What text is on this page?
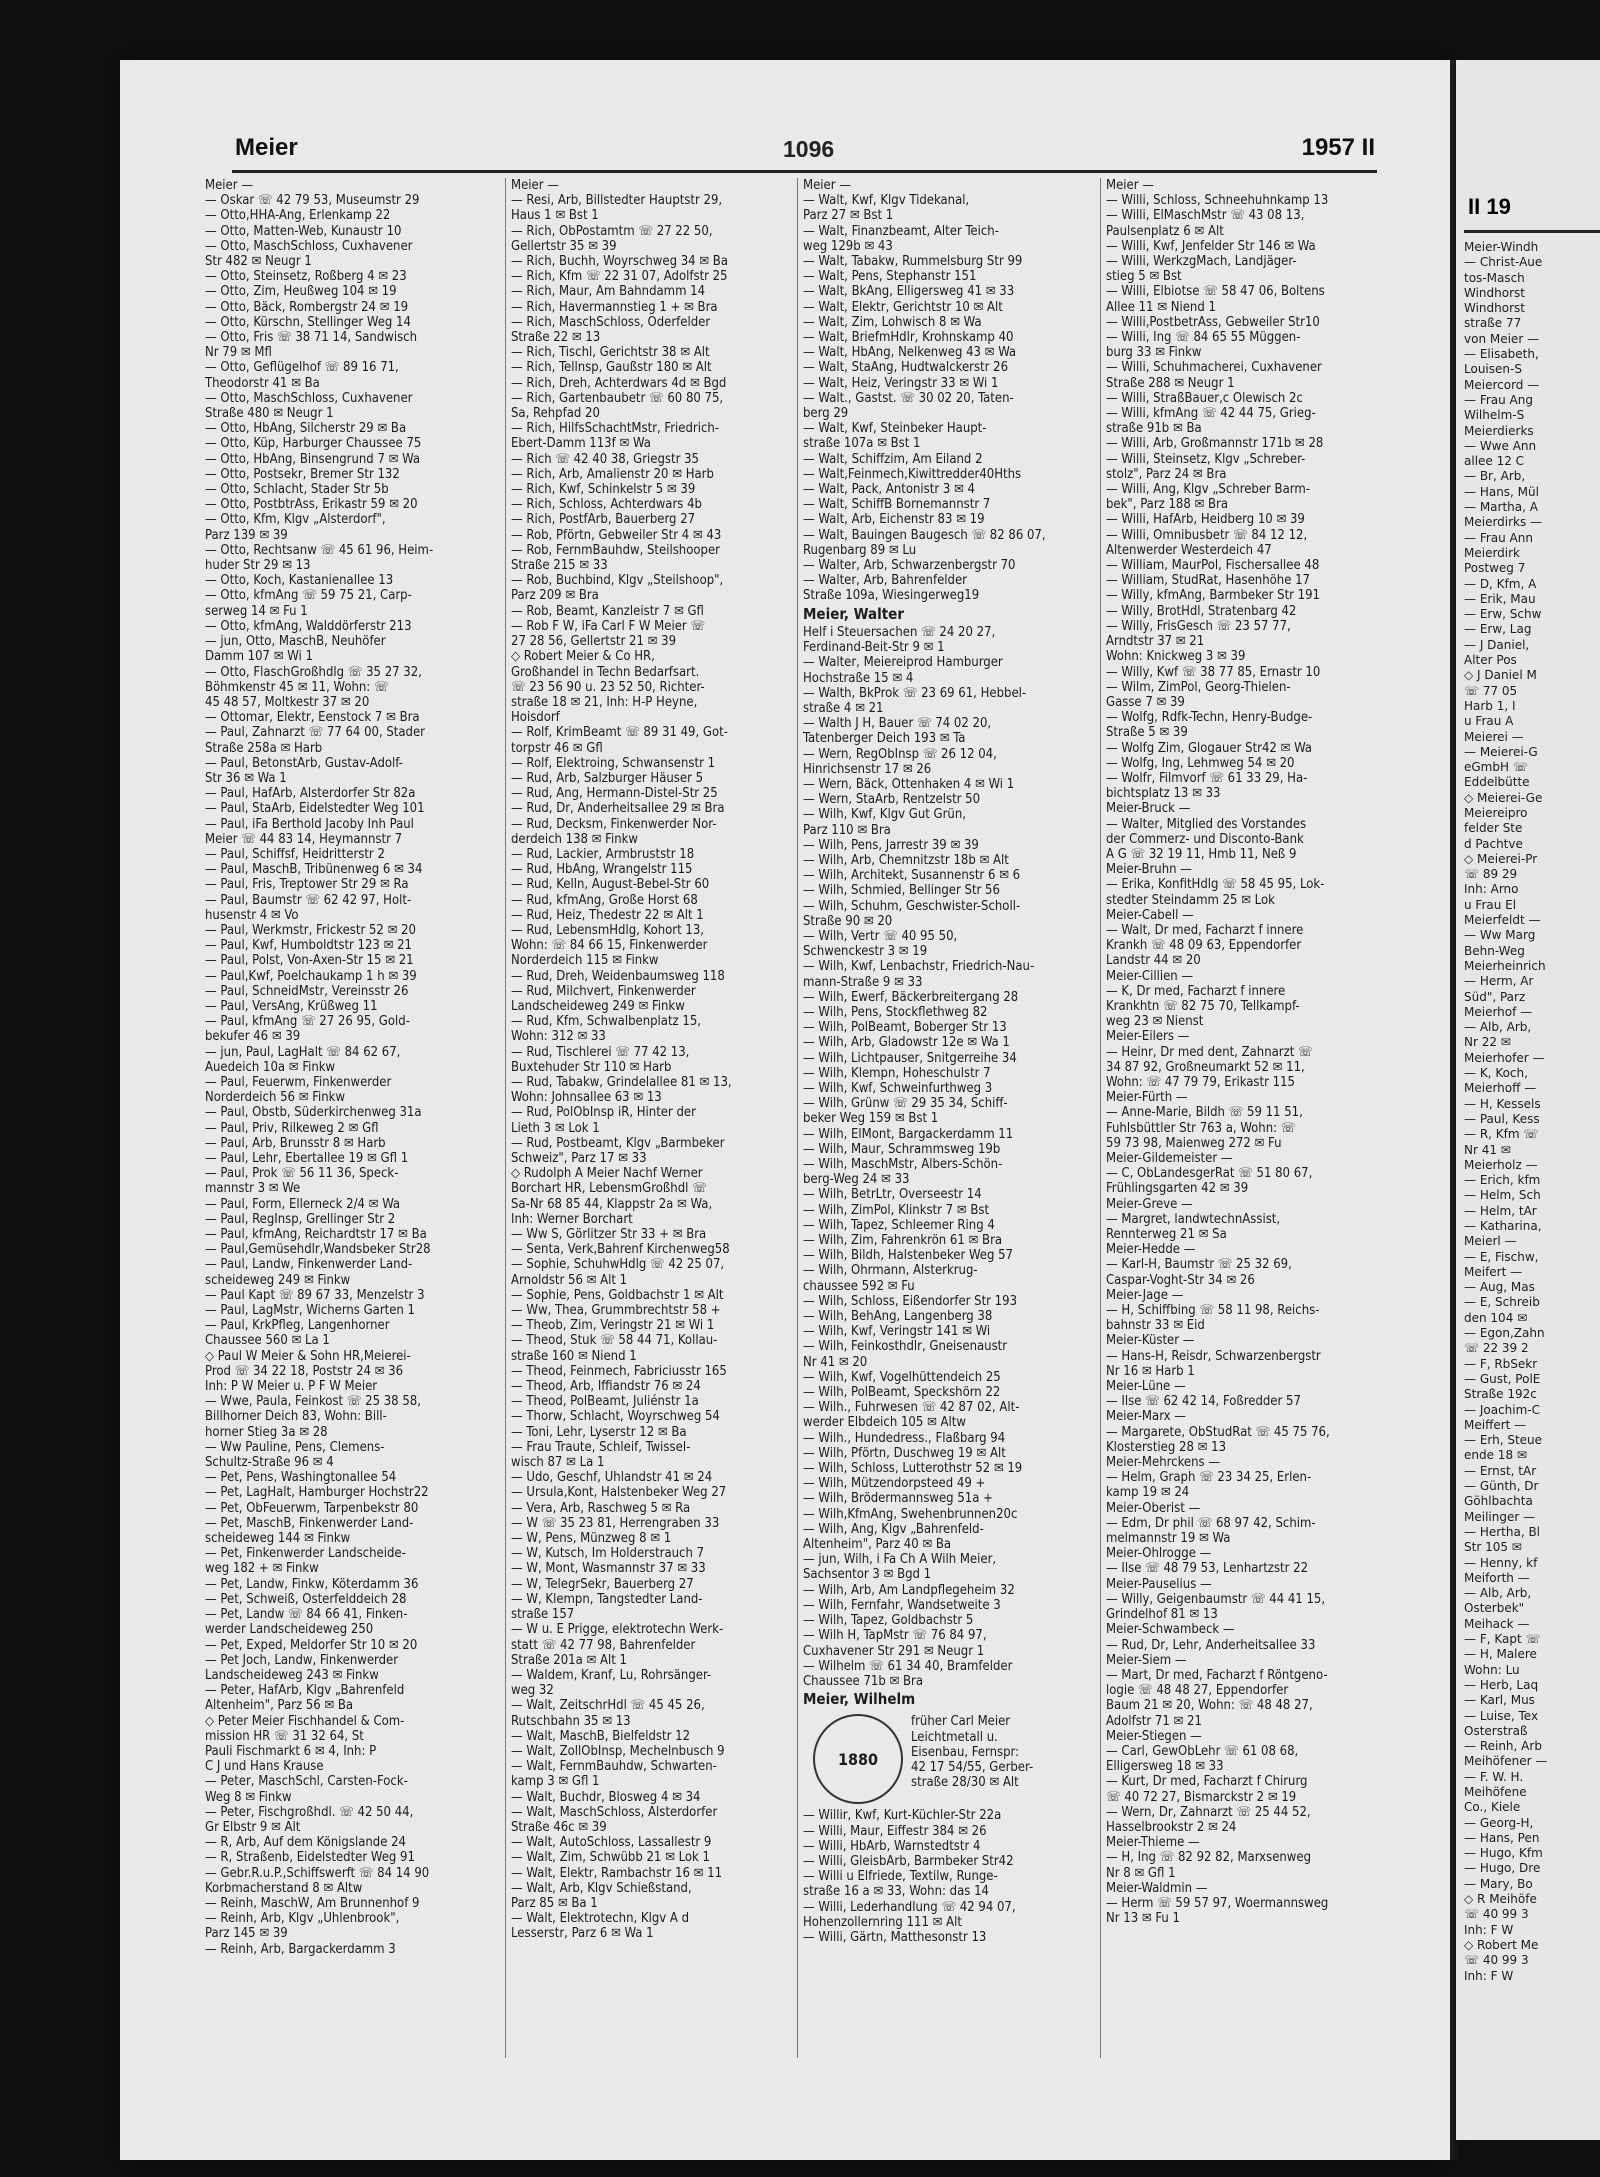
Meier	1096	1957 II
Meier —
— Oskar ☏ 42 79 53, Museumstr 29
— Otto,HHA-Ang, Erlenkamp 22
— Otto, Matten-Web, Kunaustr 10
— Otto, MaschSchloss, Cuxhavener
Str 482 ✉ Neugr 1
— Otto, Steinsetz, Roßberg 4 ✉ 23
— Otto, Zim, Heußweg 104 ✉ 19
— Otto, Bäck, Rombergstr 24 ✉ 19
— Otto, Kürschn, Stellinger Weg 14
— Otto, Fris ☏ 38 71 14, Sandwisch
Nr 79 ✉ Mfl
— Otto, Geflügelhof ☏ 89 16 71,
Theodorstr 41 ✉ Ba
— Otto, MaschSchloss, Cuxhavener
Straße 480 ✉ Neugr 1
— Otto, HbAng, Silcherstr 29 ✉ Ba
— Otto, Küp, Harburger Chaussee 75
— Otto, HbAng, Binsengrund 7 ✉ Wa
— Otto, Postsekr, Bremer Str 132
— Otto, Schlacht, Stader Str 5b
— Otto, PostbtrAss, Erikastr 59 ✉ 20
— Otto, Kfm, Klgv „Alsterdorf",
Parz 139 ✉ 39
— Otto, Rechtsanw ☏ 45 61 96, Heim-
huder Str 29 ✉ 13
— Otto, Koch, Kastanienallee 13
— Otto, kfmAng ☏ 59 75 21, Carp-
serweg 14 ✉ Fu 1
— Otto, kfmAng, Walddörferstr 213
— jun, Otto, MaschB, Neuhöfer
Damm 107 ✉ Wi 1
— Otto, FlaschGroßhdlg ☏ 35 27 32,
Böhmkenstr 45 ✉ 11, Wohn: ☏
45 48 57, Moltkestr 37 ✉ 20
— Ottomar, Elektr, Eenstock 7 ✉ Bra
— Paul, Zahnarzt ☏ 77 64 00, Stader
Straße 258a ✉ Harb
— Paul, BetonstArb, Gustav-Adolf-
Str 36 ✉ Wa 1
— Paul, HafArb, Alsterdorfer Str 82a
— Paul, StaArb, Eidelstedter Weg 101
— Paul, iFa Berthold Jacoby Inh Paul
Meier ☏ 44 83 14, Heymannstr 7
— Paul, Schiffsf, Heidritterstr 2
— Paul, MaschB, Tribünenweg 6 ✉ 34
— Paul, Fris, Treptower Str 29 ✉ Ra
— Paul, Baumstr ☏ 62 42 97, Holt-
husenstr 4 ✉ Vo
— Paul, Werkmstr, Frickestr 52 ✉ 20
— Paul, Kwf, Humboldtstr 123 ✉ 21
— Paul, Polst, Von-Axen-Str 15 ✉ 21
— Paul,Kwf, Poelchaukamp 1 h ✉ 39
— Paul, SchneidMstr, Vereinsstr 26
— Paul, VersAng, Krüßweg 11
— Paul, kfmAng ☏ 27 26 95, Gold-
bekufer 46 ✉ 39
— jun, Paul, LagHalt ☏ 84 62 67,
Auedeich 10a ✉ Finkw
— Paul, Feuerwm, Finkenwerder
Norderdeich 56 ✉ Finkw
— Paul, Obstb, Süderkirchenweg 31a
— Paul, Priv, Rilkeweg 2 ✉ Gfl
— Paul, Arb, Brunsstr 8 ✉ Harb
— Paul, Lehr, Ebertallee 19 ✉ Gfl 1
— Paul, Prok ☏ 56 11 36, Speck-
mannstr 3 ✉ We
— Paul, Form, Ellerneck 2/4 ✉ Wa
— Paul, RegInsp, Grellinger Str 2
— Paul, kfmAng, Reichardtstr 17 ✉ Ba
— Paul,Gemüsehdlr,Wandsbeker Str28
— Paul, Landw, Finkenwerder Land-
scheideweg 249 ✉ Finkw
— Paul Kapt ☏ 89 67 33, Menzelstr 3
— Paul, LagMstr, Wicherns Garten 1
— Paul, KrkPfleg, Langenhorner
Chaussee 560 ✉ La 1
◇ Paul W Meier & Sohn HR,Meierei-
Prod ☏ 34 22 18, Poststr 24 ✉ 36
Inh: P W Meier u. P F W Meier
— Wwe, Paula, Feinkost ☏ 25 38 58,
Billhorner Deich 83, Wohn: Bill-
horner Stieg 3a ✉ 28
— Ww Pauline, Pens, Clemens-
Schultz-Straße 96 ✉ 4
— Pet, Pens, Washingtonallee 54
— Pet, LagHalt, Hamburger Hochstr22
— Pet, ObFeuerwm, Tarpenbekstr 80
— Pet, MaschB, Finkenwerder Land-
scheideweg 144 ✉ Finkw
— Pet, Finkenwerder Landscheide-
weg 182 + ✉ Finkw
— Pet, Landw, Finkw, Köterdamm 36
— Pet, Schweiß, Osterfelddeich 28
— Pet, Landw ☏ 84 66 41, Finken-
werder Landscheideweg 250
— Pet, Exped, Meldorfer Str 10 ✉ 20
— Pet Joch, Landw, Finkenwerder
Landscheideweg 243 ✉ Finkw
— Peter, HafArb, Klgv „Bahrenfeld
Altenheim", Parz 56 ✉ Ba
◇ Peter Meier Fischhandel & Com-
mission HR ☏ 31 32 64, St
Pauli Fischmarkt 6 ✉ 4, Inh: P
C J und Hans Krause
— Peter, MaschSchl, Carsten-Fock-
Weg 8 ✉ Finkw
— Peter, Fischgroßhdl. ☏ 42 50 44,
Gr Elbstr 9 ✉ Alt
— R, Arb, Auf dem Königslande 24
— R, Straßenb, Eidelstedter Weg 91
— Gebr.R.u.P.,Schiffswerft ☏ 84 14 90
Korbmacherstand 8 ✉ Altw
— Reinh, MaschW, Am Brunnenhof 9
— Reinh, Arb, Klgv „Uhlenbrook",
Parz 145 ✉ 39
— Reinh, Arb, Bargackerdamm 3
Meier —
— Resi, Arb, Billstedter Hauptstr 29,
Haus 1 ✉ Bst 1
— Rich, ObPostamtm ☏ 27 22 50,
Gellertstr 35 ✉ 39
— Rich, Buchh, Woyrschweg 34 ✉ Ba
— Rich, Kfm ☏ 22 31 07, Adolfstr 25
— Rich, Maur, Am Bahndamm 14
— Rich, Havermannstieg 1 + ✉ Bra
— Rich, MaschSchloss, Oderfelder
Straße 22 ✉ 13
— Rich, Tischl, Gerichtstr 38 ✉ Alt
— Rich, Tellnsp, Gaußstr 180 ✉ Alt
— Rich, Dreh, Achterdwars 4d ✉ Bgd
— Rich, Gartenbaubetr ☏ 60 80 75,
Sa, Rehpfad 20
— Rich, HilfsSchachtMstr, Friedrich-
Ebert-Damm 113f ✉ Wa
— Rich ☏ 42 40 38, Griegstr 35
— Rich, Arb, Amalienstr 20 ✉ Harb
— Rich, Kwf, Schinkelstr 5 ✉ 39
— Rich, Schloss, Achterdwars 4b
— Rich, PostfArb, Bauerberg 27
— Rob, Pförtn, Gebweiler Str 4 ✉ 43
— Rob, FernmBauhdw, Steilshooper
Straße 215 ✉ 33
— Rob, Buchbind, Klgv „Steilshoop",
Parz 209 ✉ Bra
— Rob, Beamt, Kanzleistr 7 ✉ Gfl
— Rob F W, iFa Carl F W Meier ☏
27 28 56, Gellertstr 21 ✉ 39
◇ Robert Meier & Co HR,
Großhandel in Techn Bedarfsart.
☏ 23 56 90 u. 23 52 50, Richter-
straße 18 ✉ 21, Inh: H-P Heyne,
Hoisdorf
— Rolf, KrimBeamt ☏ 89 31 49, Got-
torpstr 46 ✉ Gfl
— Rolf, Elektroing, Schwansenstr 1
— Rud, Arb, Salzburger Häuser 5
— Rud, Ang, Hermann-Distel-Str 25
— Rud, Dr, Anderheitsallee 29 ✉ Bra
— Rud, Decksm, Finkenwerder Nor-
derdeich 138 ✉ Finkw
— Rud, Lackier, Armbruststr 18
— Rud, HbAng, Wrangelstr 115
— Rud, Kelln, August-Bebel-Str 60
— Rud, kfmAng, Große Horst 68
— Rud, Heiz, Thedestr 22 ✉ Alt 1
— Rud, LebensmHdlg, Kohort 13,
Wohn: ☏ 84 66 15, Finkenwerder
Norderdeich 115 ✉ Finkw
— Rud, Dreh, Weidenbaumsweg 118
— Rud, Milchvert, Finkenwerder
Landscheideweg 249 ✉ Finkw
— Rud, Kfm, Schwalbenplatz 15,
Wohn: 312 ✉ 33
— Rud, Tischlerei ☏ 77 42 13,
Buxtehuder Str 110 ✉ Harb
— Rud, Tabakw, Grindelallee 81 ✉ 13,
Wohn: Johnsallee 63 ✉ 13
— Rud, PolObInsp iR, Hinter der
Lieth 3 ✉ Lok 1
— Rud, Postbeamt, Klgv „Barmbeker
Schweiz", Parz 17 ✉ 33
◇ Rudolph A Meier Nachf Werner
Borchart HR, LebensmGroßhdl ☏
Sa-Nr 68 85 44, Klappstr 2a ✉ Wa,
Inh: Werner Borchart
— Ww S, Görlitzer Str 33 + ✉ Bra
— Senta, Verk,Bahrenf Kirchenweg58
— Sophie, SchuhwHdlg ☏ 42 25 07,
Arnoldstr 56 ✉ Alt 1
— Sophie, Pens, Goldbachstr 1 ✉ Alt
— Ww, Thea, Grummbrechtstr 58 +
— Theob, Zim, Veringstr 21 ✉ Wi 1
— Theod, Stuk ☏ 58 44 71, Kollau-
straße 160 ✉ Niend 1
— Theod, Feinmech, Fabriciusstr 165
— Theod, Arb, Iffiandstr 76 ✉ 24
— Theod, PolBeamt, Juliénstr 1a
— Thorw, Schlacht, Woyrschweg 54
— Toni, Lehr, Lyserstr 12 ✉ Ba
— Frau Traute, Schleif, Twissel-
wisch 87 ✉ La 1
— Udo, Geschf, Uhlandstr 41 ✉ 24
— Ursula,Kont, Halstenbeker Weg 27
— Vera, Arb, Raschweg 5 ✉ Ra
— W ☏ 35 23 81, Herrengraben 33
— W, Pens, Münzweg 8 ✉ 1
— W, Kutsch, Im Holderstrauch 7
— W, Mont, Wasmannstr 37 ✉ 33
— W, TelegrSekr, Bauerberg 27
— W, Klempn, Tangstedter Land-
straße 157
— W u. E Prigge, elektrotechn Werk-
statt ☏ 42 77 98, Bahrenfelder
Straße 201a ✉ Alt 1
— Waldem, Kranf, Lu, Rohrsänger-
weg 32
— Walt, ZeitschrHdl ☏ 45 45 26,
Rutschbahn 35 ✉ 13
— Walt, MaschB, Bielfeldstr 12
— Walt, ZollObInsp, Mechelnbusch 9
— Walt, FernmBauhdw, Schwarten-
kamp 3 ✉ Gfl 1
— Walt, Buchdr, Blosweg 4 ✉ 34
— Walt, MaschSchloss, Alsterdorfer
Straße 46c ✉ 39
— Walt, AutoSchloss, Lassallestr 9
— Walt, Zim, Schwübb 21 ✉ Lok 1
— Walt, Elektr, Rambachstr 16 ✉ 11
— Walt, Arb, Klgv Schießstand,
Parz 85 ✉ Ba 1
— Walt, Elektrotechn, Klgv A d
Lesserstr, Parz 6 ✉ Wa 1
Meier —
— Walt, Kwf, Klgv Tidekanal,
Parz 27 ✉ Bst 1
— Walt, Finanzbeamt, Alter Teich-
weg 129b ✉ 43
— Walt, Tabakw, Rummelsburg Str 99
— Walt, Pens, Stephanstr 151
— Walt, BkAng, Elligersweg 41 ✉ 33
— Walt, Elektr, Gerichtstr 10 ✉ Alt
— Walt, Zim, Lohwisch 8 ✉ Wa
— Walt, BriefmHdlr, Krohnskamp 40
— Walt, HbAng, Nelkenweg 43 ✉ Wa
— Walt, StaAng, Hudtwalckerstr 26
— Walt, Heiz, Veringstr 33 ✉ Wi 1
— Walt., Gastst. ☏ 30 02 20, Taten-
berg 29
— Walt, Kwf, Steinbeker Haupt-
straße 107a ✉ Bst 1
— Walt, Schiffzim, Am Eiland 2
— Walt,Feinmech,Kiwittredder40Hths
— Walt, Pack, Antonistr 3 ✉ 4
— Walt, SchiffB Bornemannstr 7
— Walt, Arb, Eichenstr 83 ✉ 19
— Walt, Bauingen Baugesch ☏ 82 86 07,
Rugenbarg 89 ✉ Lu
— Walter, Arb, Schwarzenbergstr 70
— Walter, Arb, Bahrenfelder
Straße 109a, Wiesingerweg19
Meier, Walter
Helf i Steuersachen ☏ 24 20 27,
Ferdinand-Beit-Str 9 ✉ 1
— Walter, Meiereiprod Hamburger
Hochstraße 15 ✉ 4
— Walth, BkProk ☏ 23 69 61, Hebbel-
straße 4 ✉ 21
— Walth J H, Bauer ☏ 74 02 20,
Tatenberger Deich 193 ✉ Ta
— Wern, RegObInsp ☏ 26 12 04,
Hinrichsenstr 17 ✉ 26
— Wern, Bäck, Ottenhaken 4 ✉ Wi 1
— Wern, StaArb, Rentzelstr 50
— Wilh, Kwf, Klgv Gut Grün,
Parz 110 ✉ Bra
— Wilh, Pens, Jarrestr 39 ✉ 39
— Wilh, Arb, Chemnitzstr 18b ✉ Alt
— Wilh, Architekt, Susannenstr 6 ✉ 6
— Wilh, Schmied, Bellinger Str 56
— Wilh, Schuhm, Geschwister-Scholl-
Straße 90 ✉ 20
— Wilh, Vertr ☏ 40 95 50,
Schwenckestr 3 ✉ 19
— Wilh, Kwf, Lenbachstr, Friedrich-Nau-
mann-Straße 9 ✉ 33
— Wilh, Ewerf, Bäckerbreitergang 28
— Wilh, Pens, Stockflethweg 82
— Wilh, PolBeamt, Boberger Str 13
— Wilh, Arb, Gladowstr 12e ✉ Wa 1
— Wilh, Lichtpauser, Snitgerreihe 34
— Wilh, Klempn, Hoheschulstr 7
— Wilh, Kwf, Schweinfurthweg 3
— Wilh, Grünw ☏ 29 35 34, Schiff-
beker Weg 159 ✉ Bst 1
— Wilh, ElMont, Bargackerdamm 11
— Wilh, Maur, Schrammsweg 19b
— Wilh, MaschMstr, Albers-Schön-
berg-Weg 24 ✉ 33
— Wilh, BetrLtr, Overseestr 14
— Wilh, ZimPol, Klinkstr 7 ✉ Bst
— Wilh, Tapez, Schleemer Ring 4
— Wilh, Zim, Fahrenkrön 61 ✉ Bra
— Wilh, Bildh, Halstenbeker Weg 57
— Wilh, Ohrmann, Alsterkrug-
chaussee 592 ✉ Fu
— Wilh, Schloss, Eißendorfer Str 193
— Wilh, BehAng, Langenberg 38
— Wilh, Kwf, Veringstr 141 ✉ Wi
— Wilh, Feinkosthdlr, Gneisenaustr
Nr 41 ✉ 20
— Wilh, Kwf, Vogelhüttendeich 25
— Wilh, PolBeamt, Speckshörn 22
— Wilh., Fuhrwesen ☏ 42 87 02, Alt-
werder Elbdeich 105 ✉ Altw
— Wilh., Hundedress., Flaßbarg 94
— Wilh, Pförtn, Duschweg 19 ✉ Alt
— Wilh, Schloss, Lutterothstr 52 ✉ 19
— Wilh, Mützendorpsteed 49 +
— Wilh, Brödermannsweg 51a +
— Wilh,KfmAng, Swehenbrunnen20c
— Wilh, Ang, Klgv „Bahrenfeld-
Altenheim", Parz 40 ✉ Ba
— jun, Wilh, i Fa Ch A Wilh Meier,
Sachsentor 3 ✉ Bgd 1
— Wilh, Arb, Am Landpflegeheim 32
— Wilh, Fernfahr, Wandsetweite 3
— Wilh, Tapez, Goldbachstr 5
— Wilh H, TapMstr ☏ 76 84 97,
Cuxhavener Str 291 ✉ Neugr 1
— Wilhelm ☏ 61 34 40, Bramfelder
Chaussee 71b ✉ Bra
Meier, Wilhelm
1880
früher Carl Meier
Leichtmetall u.
Eisenbau, Fernspr:
42 17 54/55, Gerber-
straße 28/30 ✉ Alt
— Willir, Kwf, Kurt-Küchler-Str 22a
— Willi, Maur, Eiffestr 384 ✉ 26
— Willi, HbArb, Warnstedtstr 4
— Willi, GleisbArb, Barmbeker Str42
— Willi u Elfriede, Textilw, Runge-
straße 16 a ✉ 33, Wohn: das 14
— Willi, Lederhandlung ☏ 42 94 07,
Hohenzollernring 111 ✉ Alt
— Willi, Gärtn, Matthesonstr 13
Meier —
— Willi, Schloss, Schneehuhnkamp 13
— Willi, ElMaschMstr ☏ 43 08 13,
Paulsenplatz 6 ✉ Alt
— Willi, Kwf, Jenfelder Str 146 ✉ Wa
— Willi, WerkzgMach, Landjäger-
stieg 5 ✉ Bst
— Willi, Elbiotse ☏ 58 47 06, Boltens
Allee 11 ✉ Niend 1
— Willi,PostbetrAss, Gebweiler Str10
— Willi, Ing ☏ 84 65 55 Müggen-
burg 33 ✉ Finkw
— Willi, Schuhmacherei, Cuxhavener
Straße 288 ✉ Neugr 1
— Willi, StraßBauer,c Olewisch 2c
— Willi, kfmAng ☏ 42 44 75, Grieg-
straße 91b ✉ Ba
— Willi, Arb, Großmannstr 171b ✉ 28
— Willi, Steinsetz, Klgv „Schreber-
stolz", Parz 24 ✉ Bra
— Willi, Ang, Klgv „Schreber Barm-
bek", Parz 188 ✉ Bra
— Willi, HafArb, Heidberg 10 ✉ 39
— Willi, Omnibusbetr ☏ 84 12 12,
Altenwerder Westerdeich 47
— William, MaurPol, Fischersallee 48
— William, StudRat, Hasenhöhe 17
— Willy, kfmAng, Barmbeker Str 191
— Willy, BrotHdl, Stratenbarg 42
— Willy, FrisGesch ☏ 23 57 77,
Arndtstr 37 ✉ 21
Wohn: Knickweg 3 ✉ 39
— Willy, Kwf ☏ 38 77 85, Ernastr 10
— Wilm, ZimPol, Georg-Thielen-
Gasse 7 ✉ 39
— Wolfg, Rdfk-Techn, Henry-Budge-
Straße 5 ✉ 39
— Wolfg Zim, Glogauer Str42 ✉ Wa
— Wolfg, Ing, Lehmweg 54 ✉ 20
— Wolfr, Filmvorf ☏ 61 33 29, Ha-
bichtsplatz 13 ✉ 33
Meier-Bruck —
— Walter, Mitglied des Vorstandes
der Commerz- und Disconto-Bank
A G ☏ 32 19 11, Hmb 11, Neß 9
Meier-Bruhn —
— Erika, KonfitHdlg ☏ 58 45 95, Lok-
stedter Steindamm 25 ✉ Lok
Meier-Cabell —
— Walt, Dr med, Facharzt f innere
Krankh ☏ 48 09 63, Eppendorfer
Landstr 44 ✉ 20
Meier-Cillien —
— K, Dr med, Facharzt f innere
Krankhtn ☏ 82 75 70, Tellkampf-
weg 23 ✉ Nienst
Meier-Eilers —
— Heinr, Dr med dent, Zahnarzt ☏
34 87 92, Großneumarkt 52 ✉ 11,
Wohn: ☏ 47 79 79, Erikastr 115
Meier-Fürth —
— Anne-Marie, Bildh ☏ 59 11 51,
Fuhlsbüttler Str 763 a, Wohn: ☏
59 73 98, Maienweg 272 ✉ Fu
Meier-Gildemeister —
— C, ObLandesgerRat ☏ 51 80 67,
Frühlingsgarten 42 ✉ 39
Meier-Greve —
— Margret, landwtechnAssist,
Rennterweg 21 ✉ Sa
Meier-Hedde —
— Karl-H, Baumstr ☏ 25 32 69,
Caspar-Voght-Str 34 ✉ 26
Meier-Jage —
— H, Schiffbing ☏ 58 11 98, Reichs-
bahnstr 33 ✉ Eid
Meier-Küster —
— Hans-H, Reisdr, Schwarzenbergstr
Nr 16 ✉ Harb 1
Meier-Lüne —
— Ilse ☏ 62 42 14, Foßredder 57
Meier-Marx —
— Margarete, ObStudRat ☏ 45 75 76,
Klosterstieg 28 ✉ 13
Meier-Mehrckens —
— Helm, Graph ☏ 23 34 25, Erlen-
kamp 19 ✉ 24
Meier-Oberist —
— Edm, Dr phil ☏ 68 97 42, Schim-
melmannstr 19 ✉ Wa
Meier-Ohlrogge —
— Ilse ☏ 48 79 53, Lenhartzstr 22
Meier-Pauselius —
— Willy, Geigenbaumstr ☏ 44 41 15,
Grindelhof 81 ✉ 13
Meier-Schwambeck —
— Rud, Dr, Lehr, Anderheitsallee 33
Meier-Siem —
— Mart, Dr med, Facharzt f Röntgeno-
logie ☏ 48 48 27, Eppendorfer
Baum 21 ✉ 20, Wohn: ☏ 48 48 27,
Adolfstr 71 ✉ 21
Meier-Stiegen —
— Carl, GewObLehr ☏ 61 08 68,
Elligersweg 18 ✉ 33
— Kurt, Dr med, Facharzt f Chirurg
☏ 40 72 27, Bismarckstr 2 ✉ 19
— Wern, Dr, Zahnarzt ☏ 25 44 52,
Hasselbrookstr 2 ✉ 24
Meier-Thieme —
— H, Ing ☏ 82 92 82, Marxsenweg
Nr 8 ✉ Gfl 1
Meier-Waldmin —
— Herm ☏ 59 57 97, Woermannsweg
Nr 13 ✉ Fu 1
II 19
Meier-Windh
— Christ-Aue
tos-Masch
Windhorst
Windhorst
straße 77
von Meier —
— Elisabeth,
Louisen-S
Meiercord —
— Frau Ang
Wilhelm-S
Meierdierks
— Wwe Ann
allee 12 C
— Br, Arb,
— Hans, Mül
— Martha, A
Meierdirks —
— Frau Ann
Meierdirk
Postweg 7
— D, Kfm, A
— Erik, Mau
— Erw, Schw
— Erw, Lag
— J Daniel,
Alter Pos
◇ J Daniel M
☏ 77 05
Harb 1, I
u Frau A
Meierei —
— Meierei-G
eGmbH ☏
Eddelbütte
◇ Meierei-Ge
Meiereipro
felder Ste
d Pachtve
◇ Meierei-Pr
☏ 89 29
Inh: Arno
u Frau El
Meierfeldt —
— Ww Marg
Behn-Weg
Meierheinrich
— Herm, Ar
Süd", Parz
Meierhof —
— Alb, Arb,
Nr 22 ✉
Meierhofer —
— K, Koch,
Meierhoff —
— H, Kessels
— Paul, Kess
— R, Kfm ☏
Nr 41 ✉
Meierholz —
— Erich, kfm
— Helm, Sch
— Helm, tAr
— Katharina,
Meierl —
— E, Fischw,
Meifert —
— Aug, Mas
— E, Schreib
den 104 ✉
— Egon,Zahn
☏ 22 39 2
— F, RbSekr
— Gust, PolE
Straße 192c
— Joachim-C
Meiffert —
— Erh, Steue
ende 18 ✉
— Ernst, tAr
— Günth, Dr
Göhlbachta
Meilinger —
— Hertha, Bl
Str 105 ✉
— Henny, kf
Meiforth —
— Alb, Arb,
Osterbek"
Meihack —
— F, Kapt ☏
— H, Malere
Wohn: Lu
— Herb, Laq
— Karl, Mus
— Luise, Tex
Osterstraß
— Reinh, Arb
Meihöfener —
— F. W. H.
Meihöfene
Co., Kiele
— Georg-H,
— Hans, Pen
— Hugo, Kfm
— Hugo, Dre
— Mary, Bo
◇ R Meihöfe
☏ 40 99 3
Inh: F W
◇ Robert Me
☏ 40 99 3
Inh: F W
